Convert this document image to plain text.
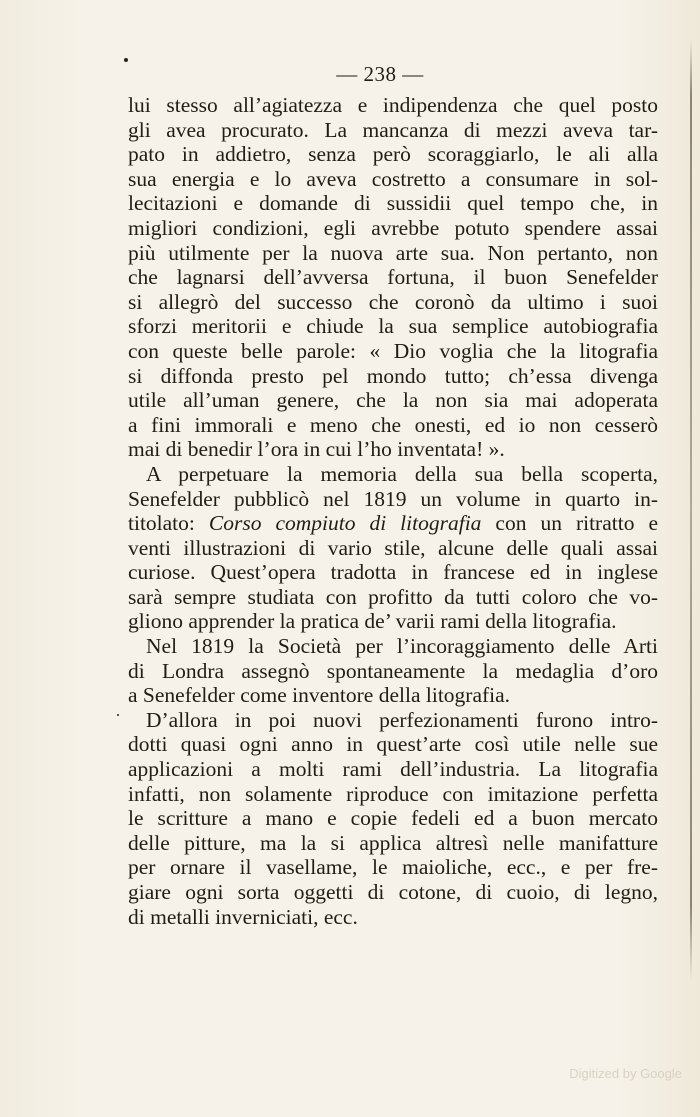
— 238 —
lui stesso all’agiatezza e indipendenza che quel posto
gli avea procurato. La mancanza di mezzi aveva tar-
pato in addietro, senza però scoraggiarlo, le ali alla
sua energia e lo aveva costretto a consumare in sol-
lecitazioni e domande di sussidii quel tempo che, in
migliori condizioni, egli avrebbe potuto spendere assai
più utilmente per la nuova arte sua. Non pertanto, non
che lagnarsi dell’avversa fortuna, il buon Senefelder
si allegrò del successo che coronò da ultimo i suoi
sforzi meritorii e chiude la sua semplice autobiografia
con queste belle parole: « Dio voglia che la litografia
si diffonda presto pel mondo tutto; ch’essa divenga
utile all’uman genere, che la non sia mai adoperata
a fini immorali e meno che onesti, ed io non cesserò
mai di benedir l’ora in cui l’ho inventata! ».
A perpetuare la memoria della sua bella scoperta,
Senefelder pubblicò nel 1819 un volume in quarto in-
titolato: Corso compiuto di litografia con un ritratto e
venti illustrazioni di vario stile, alcune delle quali assai
curiose. Quest’opera tradotta in francese ed in inglese
sarà sempre studiata con profitto da tutti coloro che vo-
gliono apprender la pratica de’ varii rami della litografia.
Nel 1819 la Società per l’incoraggiamento delle Arti
di Londra assegnò spontaneamente la medaglia d’oro
a Senefelder come inventore della litografia.
D’allora in poi nuovi perfezionamenti furono intro-
dotti quasi ogni anno in quest’arte così utile nelle sue
applicazioni a molti rami dell’industria. La litografia
infatti, non solamente riproduce con imitazione perfetta
le scritture a mano e copie fedeli ed a buon mercato
delle pitture, ma la si applica altresì nelle manifatture
per ornare il vasellame, le maioliche, ecc., e per fre-
giare ogni sorta oggetti di cotone, di cuoio, di legno,
di metalli inverniciati, ecc.
Digitized by Google
